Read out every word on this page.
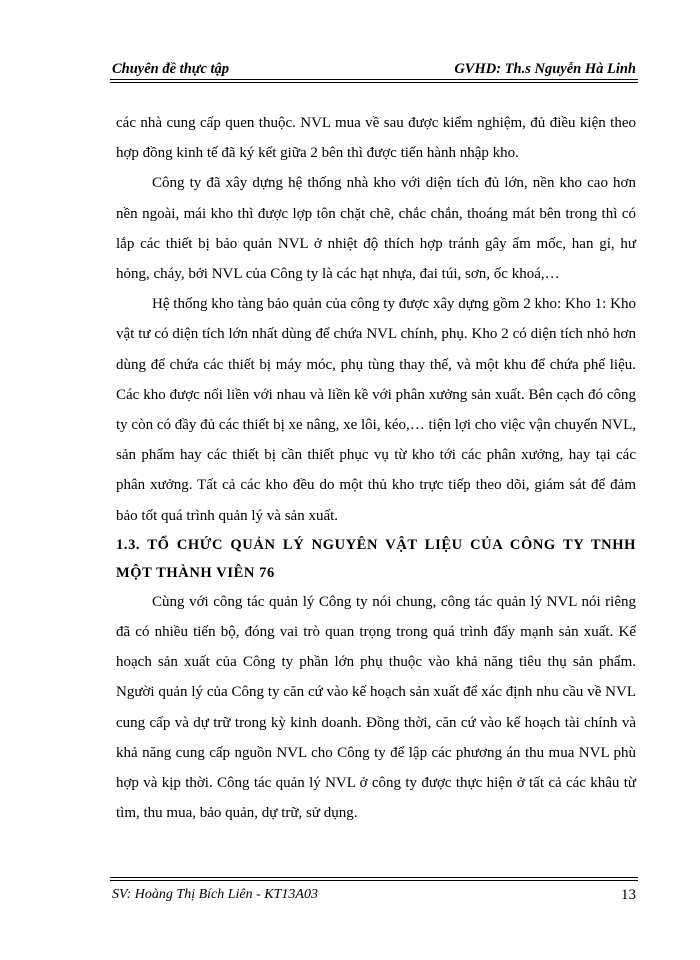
Chuyên đề thực tập	GVHD: Th.s Nguyễn Hà Linh

các nhà cung cấp quen thuộc. NVL mua về sau được kiểm nghiệm, đủ điều kiện theo hợp đồng kinh tế đã ký kết giữa 2 bên thì được tiến hành nhập kho.

Công ty đã xây dựng hệ thống nhà kho với diện tích đủ lớn, nền kho cao hơn nền ngoài, mái kho thì được lợp tôn chặt chẽ, chắc chắn, thoáng mát bên trong thì có lắp các thiết bị bảo quản NVL ở nhiệt độ thích hợp tránh gây ẩm mốc, han gỉ, hư hỏng, cháy, bởi NVL của Công ty là các hạt nhựa, đai túi, sơn, ốc khoá,…

Hệ thống kho tàng bảo quản của công ty được xây dựng gồm 2 kho: Kho 1: Kho vật tư có diện tích lớn nhất dùng để chứa NVL chính, phụ. Kho 2 có diện tích nhỏ hơn dùng để chứa các thiết bị máy móc, phụ tùng thay thế, và một khu để chứa phế liệu. Các kho được nối liền với nhau và liền kề với phân xưởng sản xuất. Bên cạch đó công ty còn có đầy đủ các thiết bị xe nâng, xe lôi, kéo,… tiện lợi cho việc vận chuyển NVL, sản phẩm hay các thiết bị cần thiết phục vụ từ kho tới các phân xưởng, hay tại các phân xưởng. Tất cả các kho đều do một thủ kho trực tiếp theo dõi, giám sát để đảm bảo tốt quá trình quản lý và sản xuất.

1.3. TỔ CHỨC QUẢN LÝ NGUYÊN VẬT LIỆU CỦA CÔNG TY TNHH MỘT THÀNH VIÊN 76

Cùng với công tác quản lý Công ty nói chung, công tác quản lý NVL nói riêng đã có nhiều tiến bộ, đóng vai trò quan trọng trong quá trình đẩy mạnh sản xuất. Kế hoạch sản xuất của Công ty phần lớn phụ thuộc vào khả năng tiêu thụ sản phẩm. Người quản lý của Công ty căn cứ vào kế hoạch sản xuất để xác định nhu cầu về NVL cung cấp và dự trữ trong kỳ kinh doanh. Đồng thời, căn cứ vào kế hoạch tài chính và khả năng cung cấp nguồn NVL cho Công ty để lập các phương án thu mua NVL phù hợp và kịp thời. Công tác quản lý NVL ở công ty được thực hiện ở tất cả các khâu từ tìm, thu mua, bảo quản, dự trữ, sử dụng.

SV: Hoàng Thị Bích Liên - KT13A03	13
